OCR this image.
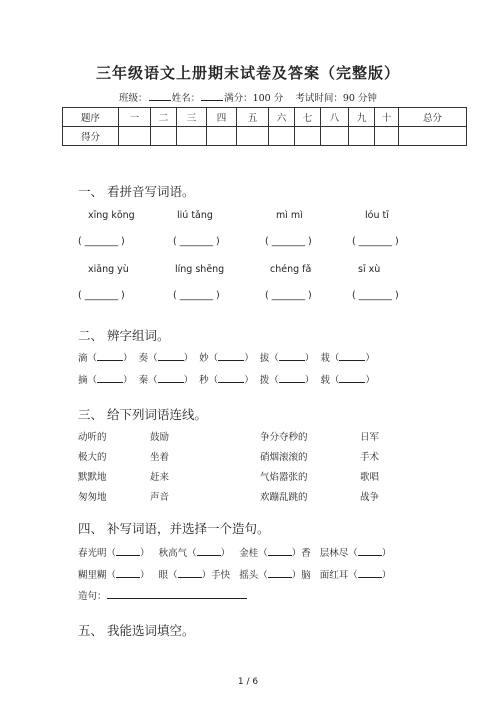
三年级语文上册期末试卷及答案（完整版）
班级：	姓名：	满分：100 分 考试时间：90 分钟
题序	一	二	三	四	五	六	七	八	九	十	总分
得分											
一、 看拼音写词语。
xīng kōng	liú tǎng	mì mì	lóu tī
( _______ )	( _______ )	( _______ )	( _______ )
xiāng yù	líng shēng	chéng fǎ	sī xù
( _______ )	( _______ )	( _______ )	( _______ )
二、 辨字组词。
滴（	）  奏（	）  妙（	）  拔（	）  栽（	）
摘（	）  秦（	）  秒（	）  拨（	）  载（	）
三、 给下列词语连线。
动听的	鼓励	争分夺秒的	日军
极大的	坐着	硝烟滚滚的	手术
默默地	赶来	气焰嚣张的	歌唱
匆匆地	声音	欢蹦乱跳的	战争
四、 补写词语，并选择一个造句。
春光明（	） 秋高气（	） 金桂（	）香 层林尽（	）
糊里糊（	） 眼（	）手快 摇头（	）脑 面红耳（	）
造句：
五、 我能选词填空。
1 / 6
